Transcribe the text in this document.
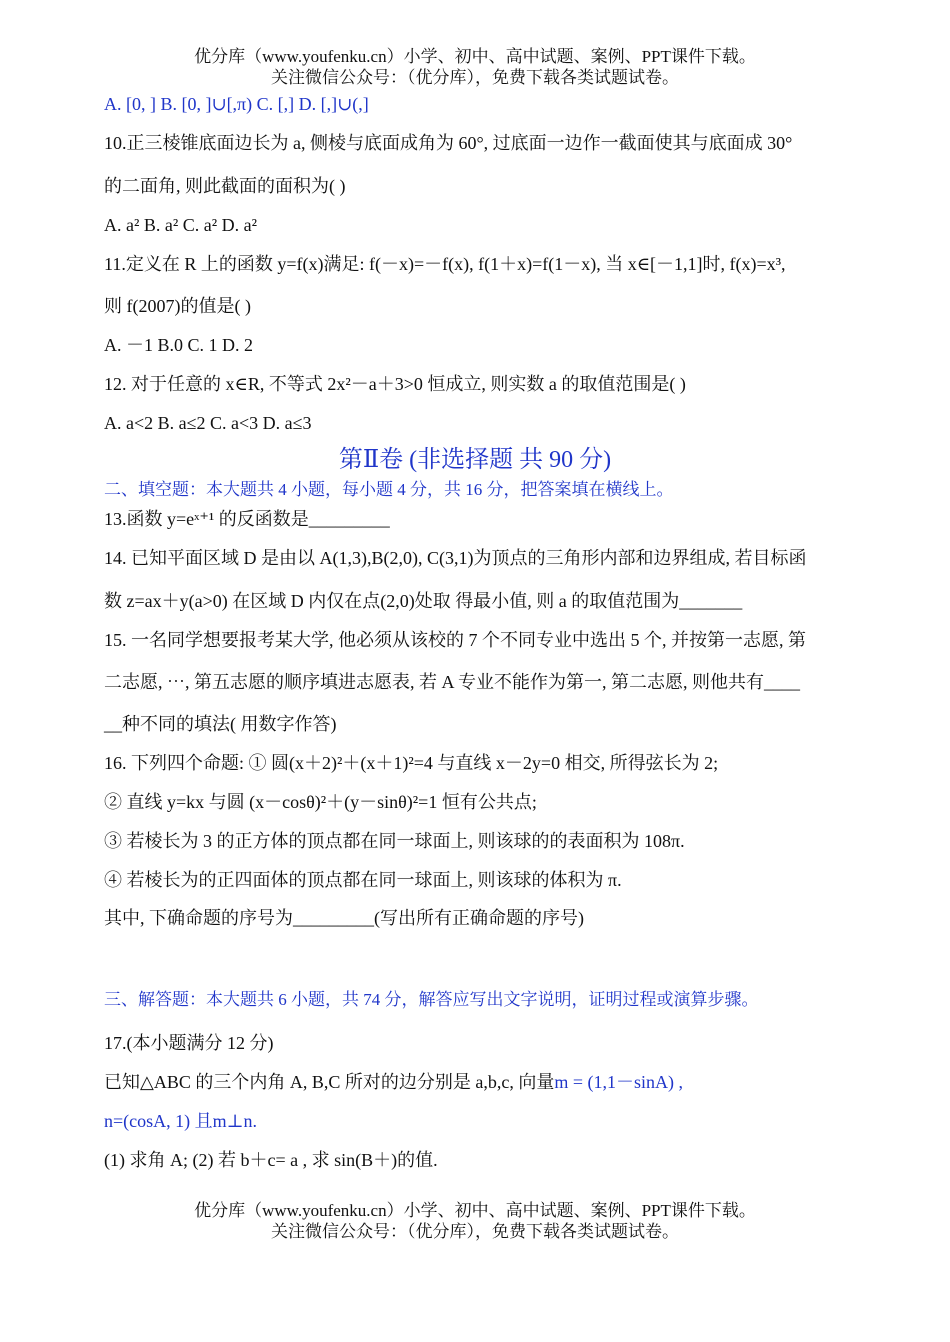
优分库（www.youfenku.cn）小学、初中、高中试题、案例、PPT课件下载。
关注微信公众号：（优分库），免费下载各类试题试卷。
A. [0, ] B. [0, ]∪[,π) C. [,] D. [,]∪(,]
10.正三棱锥底面边长为 a, 侧棱与底面成角为 60°, 过底面一边作一截面使其与底面成 30°
的二面角, 则此截面的面积为( )
A. a² B. a² C. a² D. a²
11.定义在 R 上的函数 y=f(x)满足: f(－x)=－f(x), f(1＋x)=f(1－x), 当 x∈[－1,1]时, f(x)=x³,
则 f(2007)的值是( )
A. －1 B.0 C. 1 D. 2
12. 对于任意的 x∈R, 不等式 2x²－a＋3>0 恒成立, 则实数 a 的取值范围是( )
A. a<2 B. a≤2 C. a<3 D. a≤3
第Ⅱ卷 (非选择题 共 90 分)
二、填空题：本大题共 4 小题，每小题 4 分，共 16 分，把答案填在横线上。
13.函数 y=eˣ⁺¹ 的反函数是_________
14. 已知平面区域 D 是由以 A(1,3),B(2,0), C(3,1)为顶点的三角形内部和边界组成, 若目标函
数 z=ax＋y(a>0) 在区域 D 内仅在点(2,0)处取 得最小值, 则 a 的取值范围为_______
15. 一名同学想要报考某大学, 他必须从该校的 7 个不同专业中选出 5 个, 并按第一志愿, 第
二志愿, ⋯, 第五志愿的顺序填进志愿表, 若 A 专业不能作为第一, 第二志愿, 则他共有____
__种不同的填法( 用数字作答)
16. 下列四个命题: ① 圆(x＋2)²＋(x＋1)²=4 与直线 x－2y=0 相交, 所得弦长为 2;
② 直线 y=kx 与圆 (x－cosθ)²＋(y－sinθ)²=1 恒有公共点;
③ 若棱长为 3 的正方体的顶点都在同一球面上, 则该球的的表面积为 108π.
④ 若棱长为的正四面体的顶点都在同一球面上, 则该球的体积为 π.
其中, 下确命题的序号为_________(写出所有正确命题的序号)
三、解答题：本大题共 6 小题，共 74 分，解答应写出文字说明，证明过程或演算步骤。
17.(本小题满分 12 分)
已知△ABC 的三个内角 A, B,C 所对的边分别是 a,b,c, 向量m = (1,1－sinA) ,
n=(cosA, 1) 且m⊥n.
(1) 求角 A; (2) 若 b＋c= a , 求 sin(B＋)的值.
优分库（www.youfenku.cn）小学、初中、高中试题、案例、PPT课件下载。
关注微信公众号：（优分库），免费下载各类试题试卷。
